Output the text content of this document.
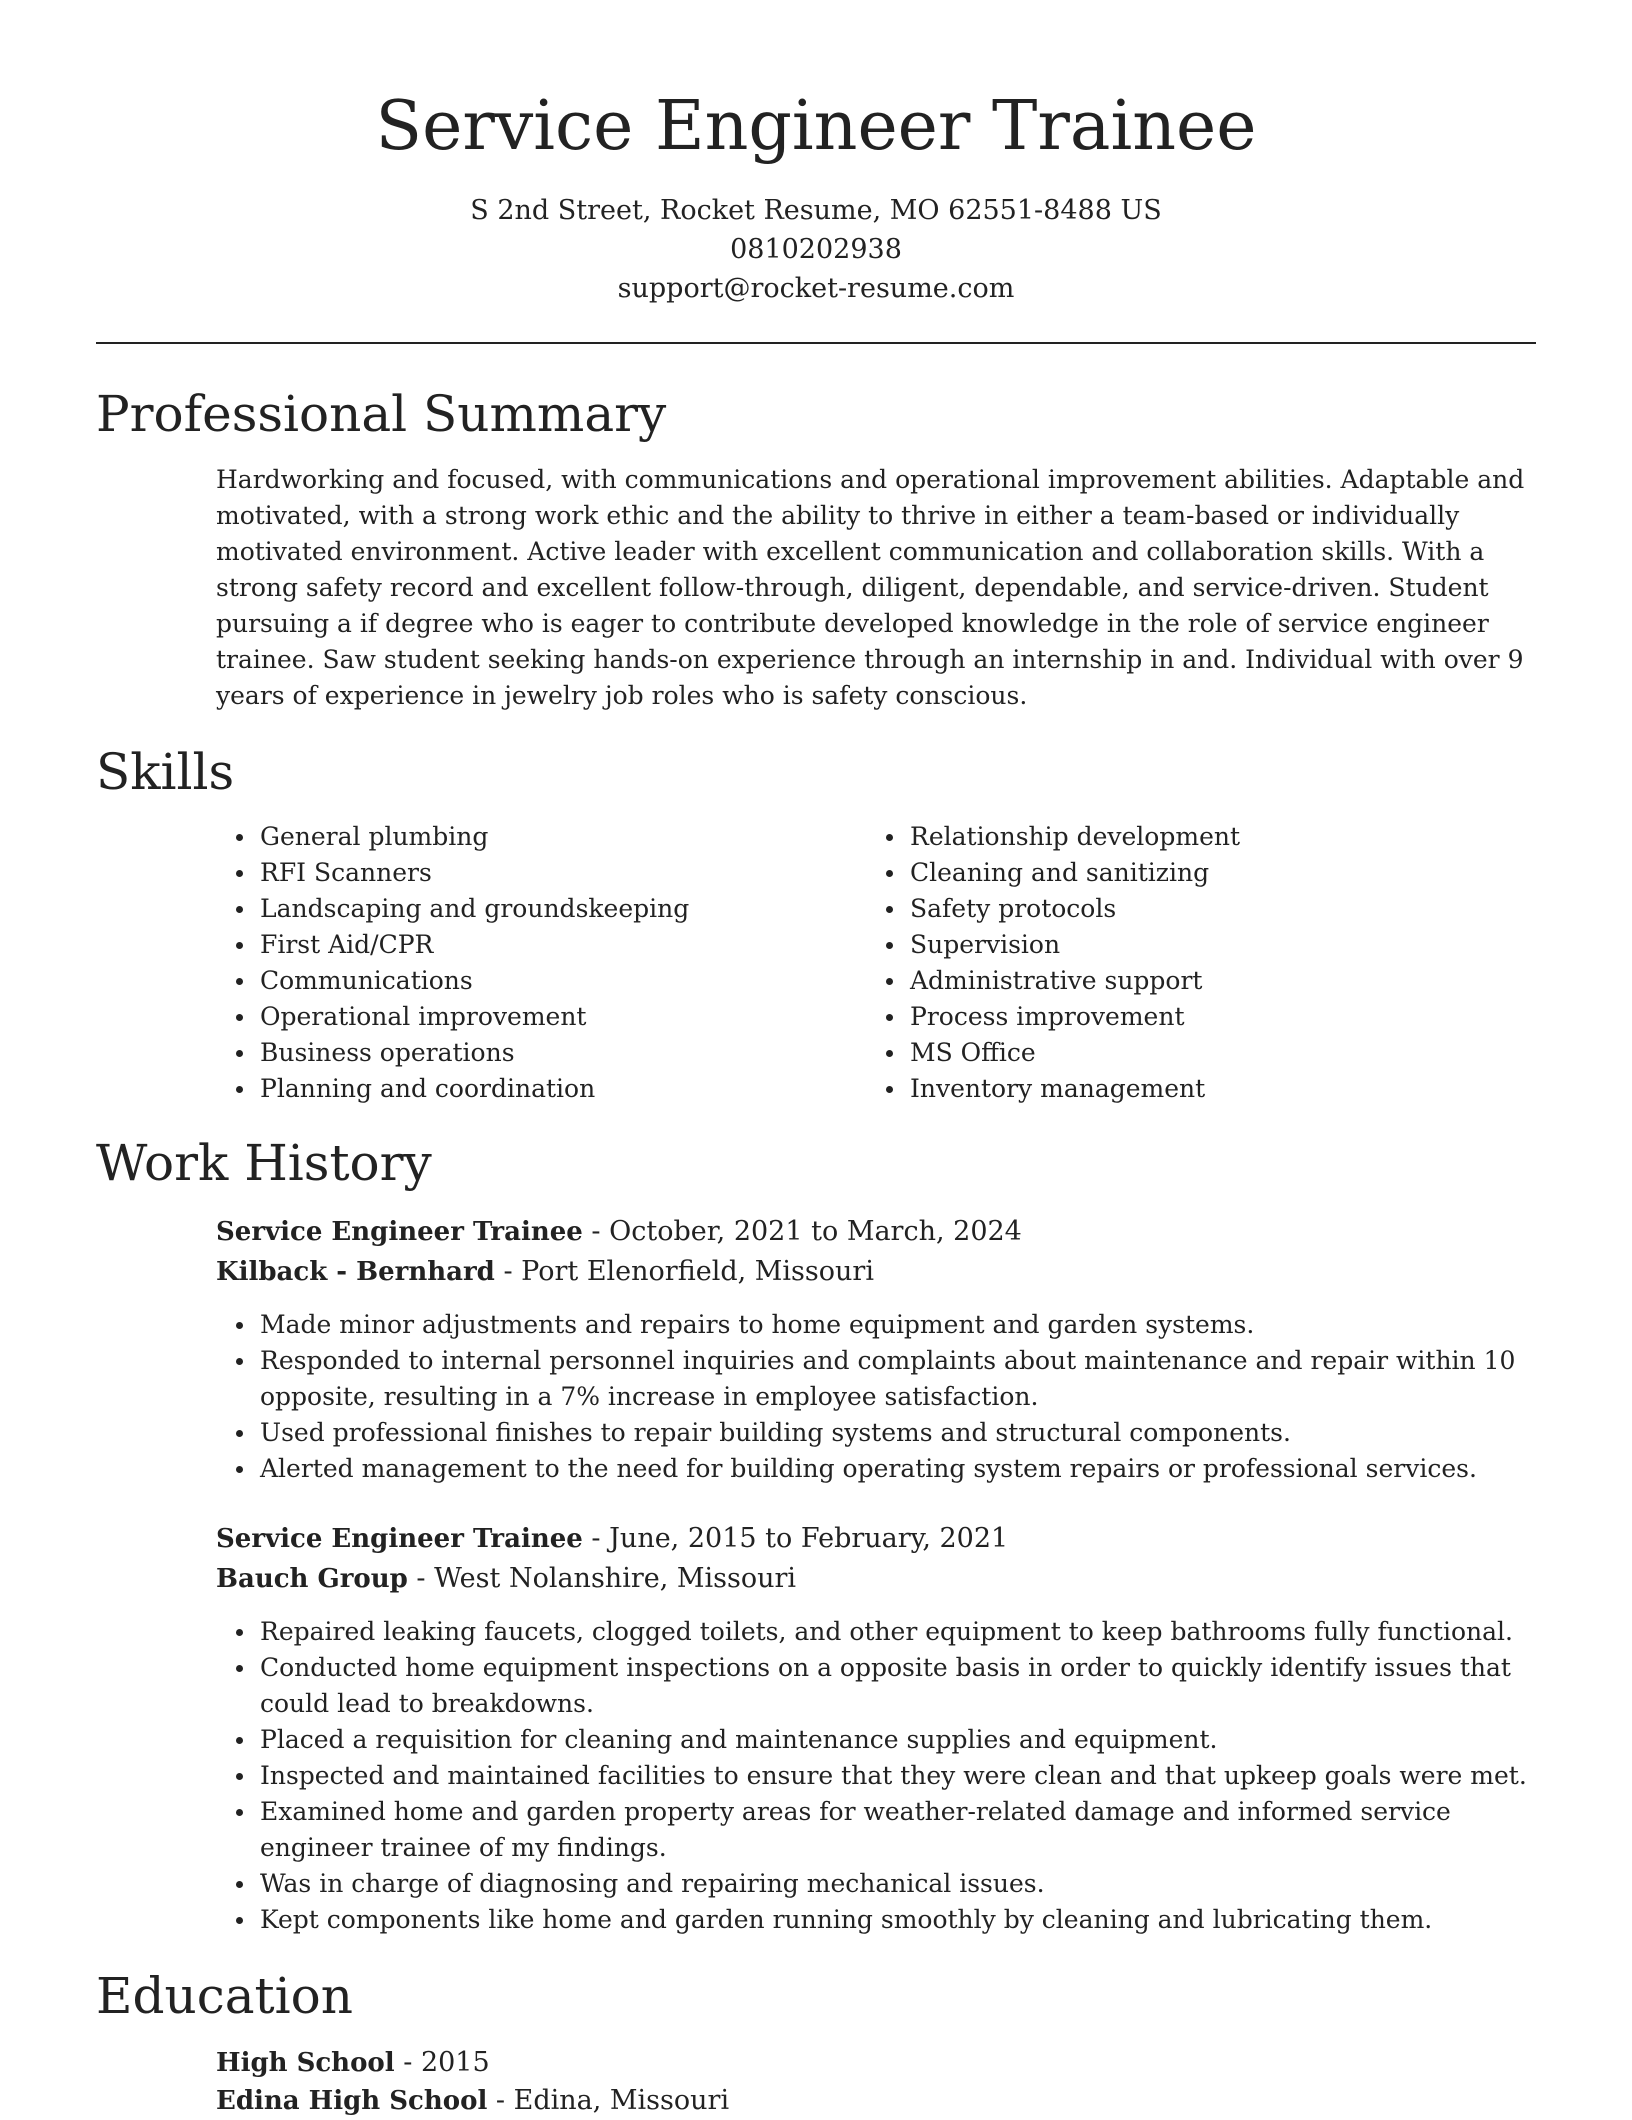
Service Engineer Trainee
S 2nd Street, Rocket Resume, MO 62551-8488 US
0810202938
support@rocket-resume.com
Professional Summary

Hardworking and focused, with communications and operational improvement abilities. Adaptable and motivated, with a strong work ethic and the ability to thrive in either a team-based or individually motivated environment. Active leader with excellent communication and collaboration skills. With a strong safety record and excellent follow-through, diligent, dependable, and service-driven. Student pursuing a if degree who is eager to contribute developed knowledge in the role of service engineer trainee. Saw student seeking hands-on experience through an internship in and. Individual with over 9 years of experience in jewelry job roles who is safety conscious.

Skills
General plumbing
RFI Scanners
Landscaping and groundskeeping
First Aid/CPR
Communications
Operational improvement
Business operations
Planning and coordination
Relationship development
Cleaning and sanitizing
Safety protocols
Supervision
Administrative support
Process improvement
MS Office
Inventory management
Work History

Service Engineer Trainee - October, 2021 to March, 2024

Kilback - Bernhard - Port Elenorfield, Missouri

Made minor adjustments and repairs to home equipment and garden systems.
Responded to internal personnel inquiries and complaints about maintenance and repair within 10 opposite, resulting in a 7% increase in employee satisfaction.
Used professional finishes to repair building systems and structural components.
Alerted management to the need for building operating system repairs or professional services.

Service Engineer Trainee - June, 2015 to February, 2021

Bauch Group - West Nolanshire, Missouri

Repaired leaking faucets, clogged toilets, and other equipment to keep bathrooms fully functional.
Conducted home equipment inspections on a opposite basis in order to quickly identify issues that could lead to breakdowns.
Placed a requisition for cleaning and maintenance supplies and equipment.
Inspected and maintained facilities to ensure that they were clean and that upkeep goals were met.
Examined home and garden property areas for weather-related damage and informed service engineer trainee of my findings.
Was in charge of diagnosing and repairing mechanical issues.
Kept components like home and garden running smoothly by cleaning and lubricating them.
Education

High School - 2015

Edina High School - Edina, Missouri
